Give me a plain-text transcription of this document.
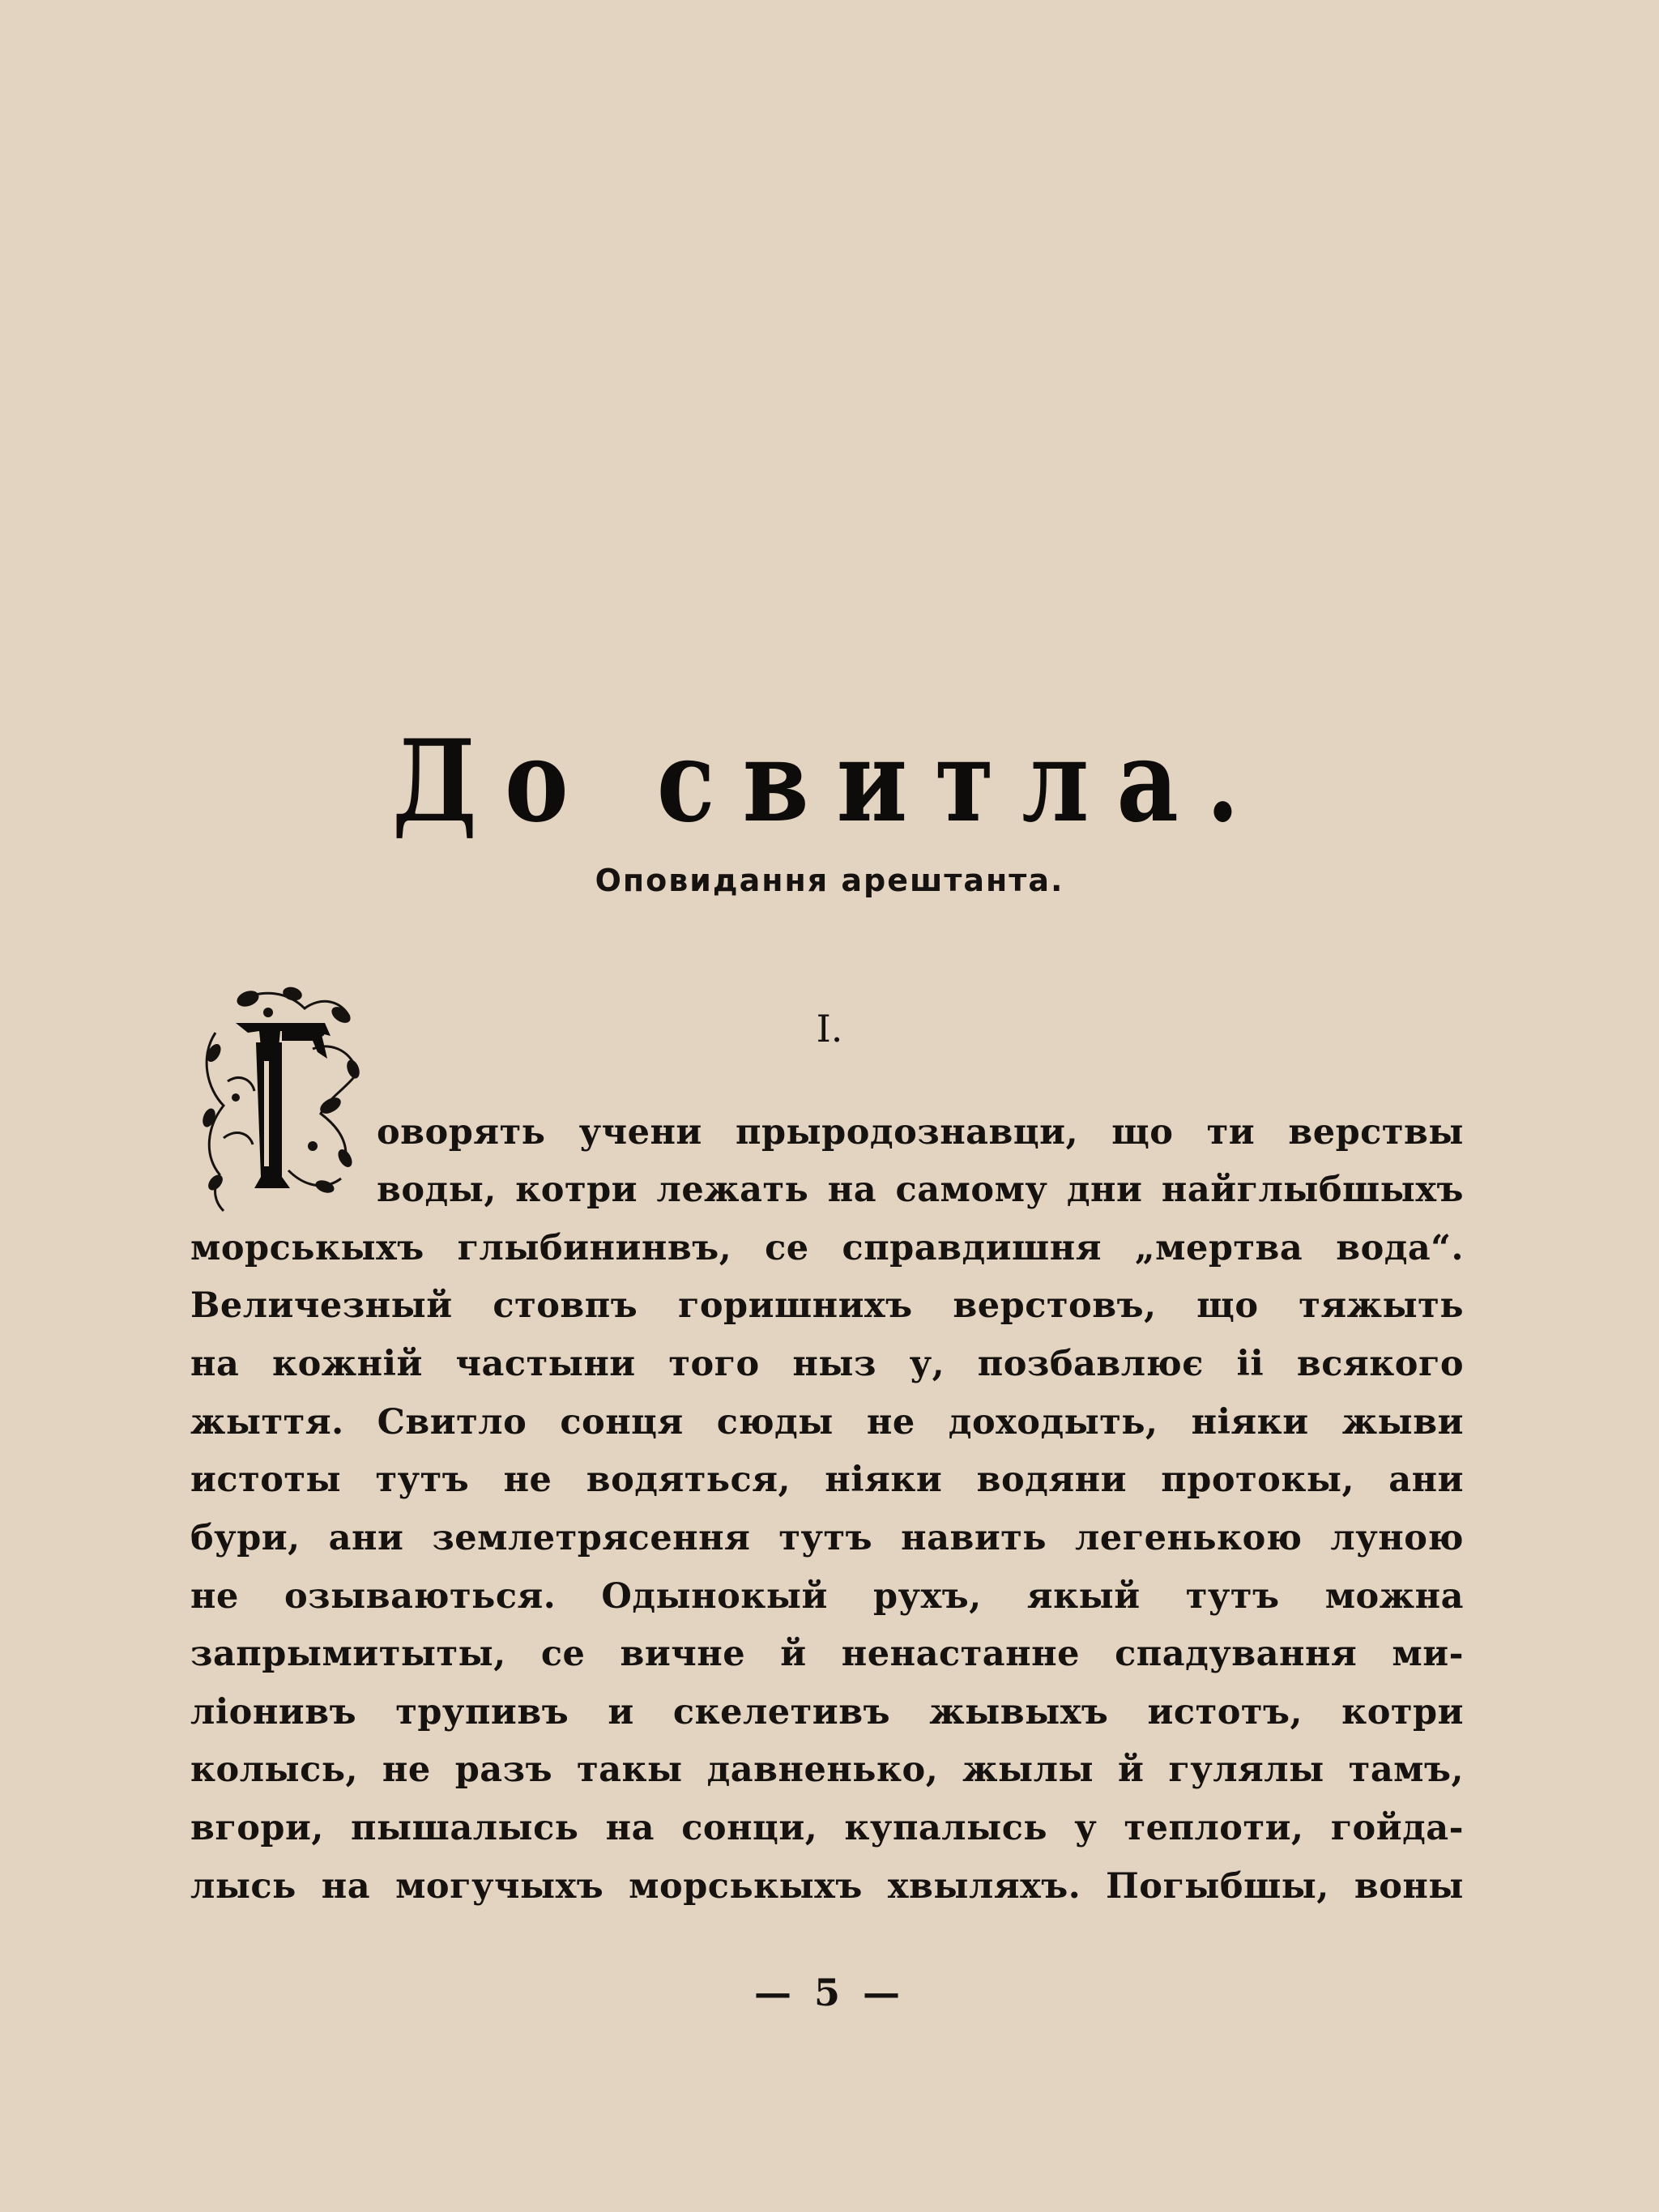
До свитла.
Оповидання арештанта.
I.
оворять учени прыродознавци, що ти верствы
воды, котри лежать на самому дни найглыбшыхъ
морськыхъ глыбининвъ, се справдишня „мертва вода“.
Величезный стовпъ горишнихъ верстовъ, що тяжыть
на кожнiй частыни того ныз у, позбавлює ii всякого
жыття. Свитло сонця сюды не доходыть, нiяки жыви
истоты тутъ не водяться, нiяки водяни протокы, ани
бури, ани землетрясення тутъ навить легенькою луною
не озываються. Одынокый рухъ, якый тутъ можна
запрымитыты, се вичне й ненастанне спадування ми-
лiонивъ трупивъ и скелетивъ жывыхъ истотъ, котри
колысь, не разъ такы давненько, жылы й гулялы тамъ,
вгори, пышалысь на сонци, купалысь у теплоти, гойда-
лысь на могучыхъ морськыхъ хвыляхъ. Погыбшы, воны
— 5 —
